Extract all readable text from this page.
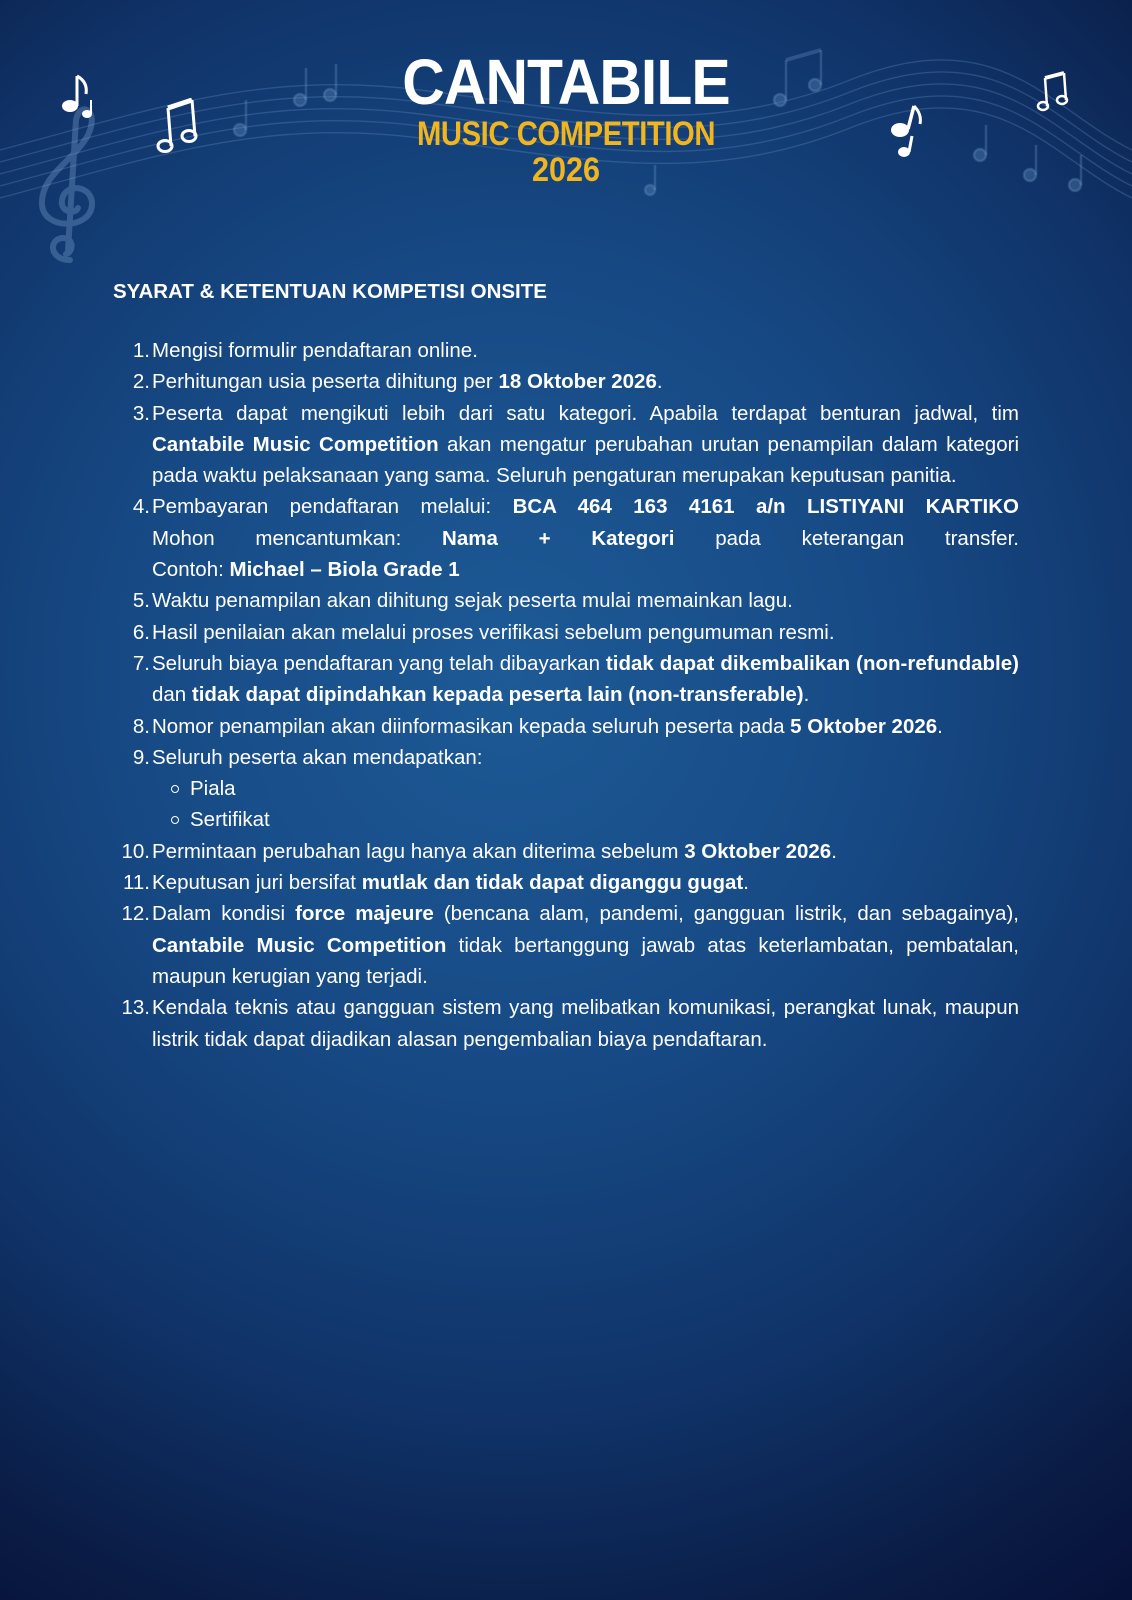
CANTABILE
MUSIC COMPETITION
2026
SYARAT & KETENTUAN KOMPETISI ONSITE
1. Mengisi formulir pendaftaran online.
2. Perhitungan usia peserta dihitung per 18 Oktober 2026.
3. Peserta dapat mengikuti lebih dari satu kategori. Apabila terdapat benturan jadwal, tim Cantabile Music Competition akan mengatur perubahan urutan penampilan dalam kategori pada waktu pelaksanaan yang sama. Seluruh pengaturan merupakan keputusan panitia.
4. Pembayaran pendaftaran melalui: BCA 464 163 4161 a/n LISTIYANI KARTIKO
Mohon mencantumkan: Nama + Kategori pada keterangan transfer.
Contoh: Michael – Biola Grade 1
5. Waktu penampilan akan dihitung sejak peserta mulai memainkan lagu.
6. Hasil penilaian akan melalui proses verifikasi sebelum pengumuman resmi.
7. Seluruh biaya pendaftaran yang telah dibayarkan tidak dapat dikembalikan (non-refundable) dan tidak dapat dipindahkan kepada peserta lain (non-transferable).
8. Nomor penampilan akan diinformasikan kepada seluruh peserta pada 5 Oktober 2026.
9. Seluruh peserta akan mendapatkan:
Piala
Sertifikat
10. Permintaan perubahan lagu hanya akan diterima sebelum 3 Oktober 2026.
11. Keputusan juri bersifat mutlak dan tidak dapat diganggu gugat.
12. Dalam kondisi force majeure (bencana alam, pandemi, gangguan listrik, dan sebagainya), Cantabile Music Competition tidak bertanggung jawab atas keterlambatan, pembatalan, maupun kerugian yang terjadi.
13. Kendala teknis atau gangguan sistem yang melibatkan komunikasi, perangkat lunak, maupun listrik tidak dapat dijadikan alasan pengembalian biaya pendaftaran.
